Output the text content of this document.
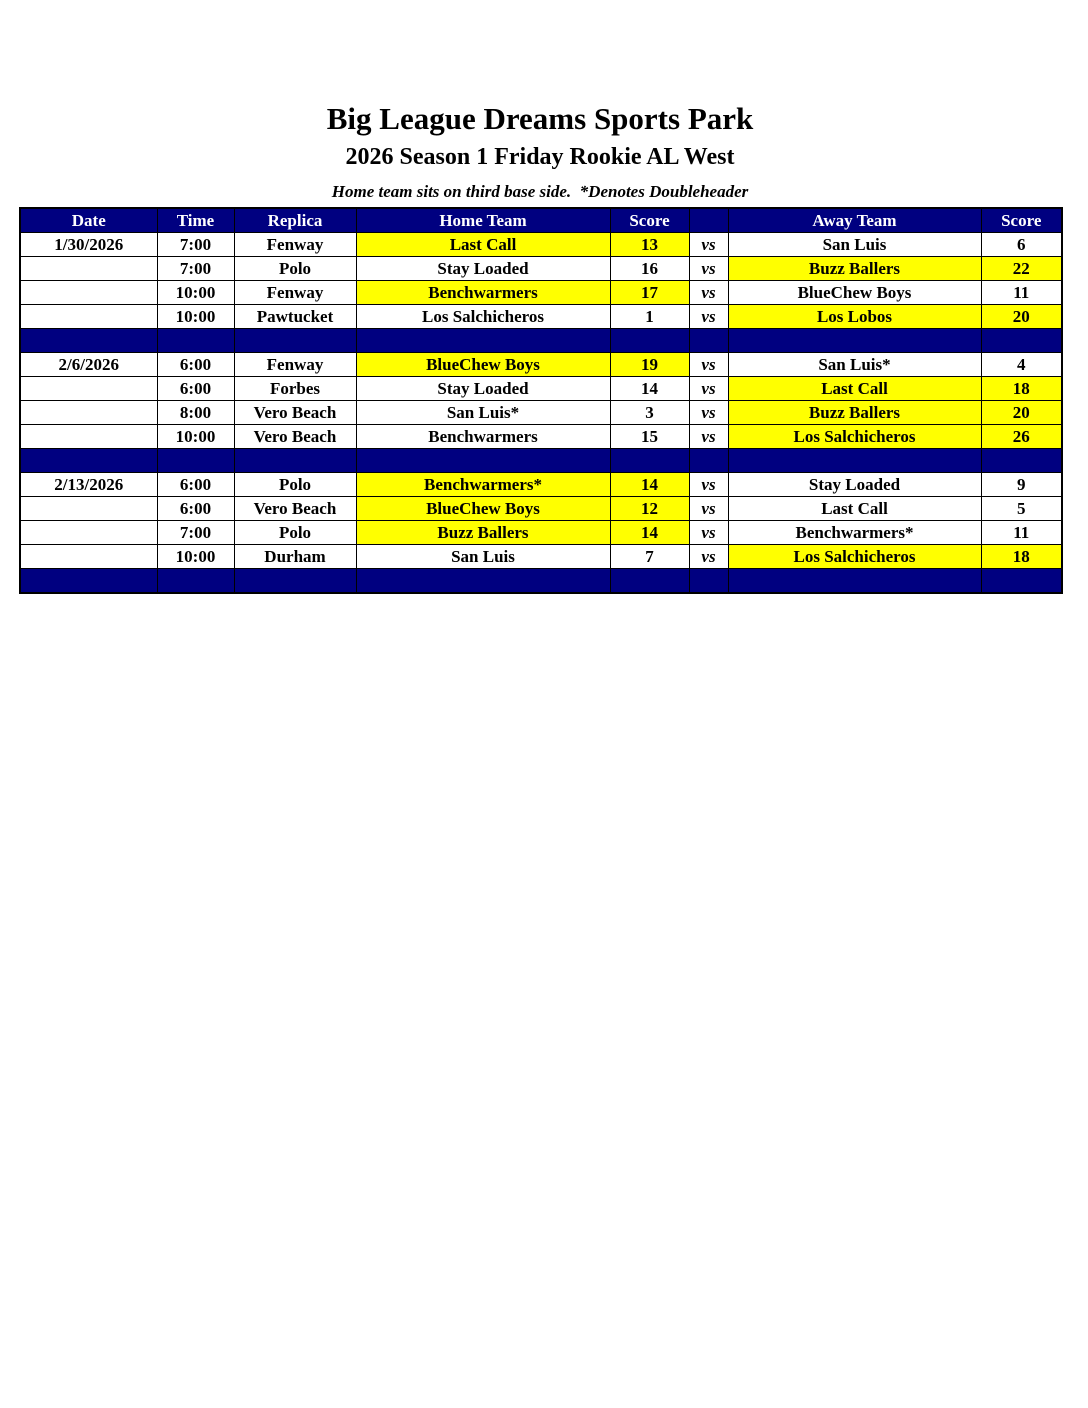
Big League Dreams Sports Park
2026 Season 1 Friday Rookie AL West
Home team sits on third base side.  *Denotes Doubleheader
Date	Time	Replica	Home Team	Score		Away Team	Score
1/30/2026	7:00	Fenway	Last Call	13	vs	San Luis	6
	7:00	Polo	Stay Loaded	16	vs	Buzz Ballers	22
	10:00	Fenway	Benchwarmers	17	vs	BlueChew Boys	11
	10:00	Pawtucket	Los Salchicheros	1	vs	Los Lobos	20

2/6/2026	6:00	Fenway	BlueChew Boys	19	vs	San Luis*	4
	6:00	Forbes	Stay Loaded	14	vs	Last Call	18
	8:00	Vero Beach	San Luis*	3	vs	Buzz Ballers	20
	10:00	Vero Beach	Benchwarmers	15	vs	Los Salchicheros	26

2/13/2026	6:00	Polo	Benchwarmers*	14	vs	Stay Loaded	9
	6:00	Vero Beach	BlueChew Boys	12	vs	Last Call	5
	7:00	Polo	Buzz Ballers	14	vs	Benchwarmers*	11
	10:00	Durham	San Luis	7	vs	Los Salchicheros	18
